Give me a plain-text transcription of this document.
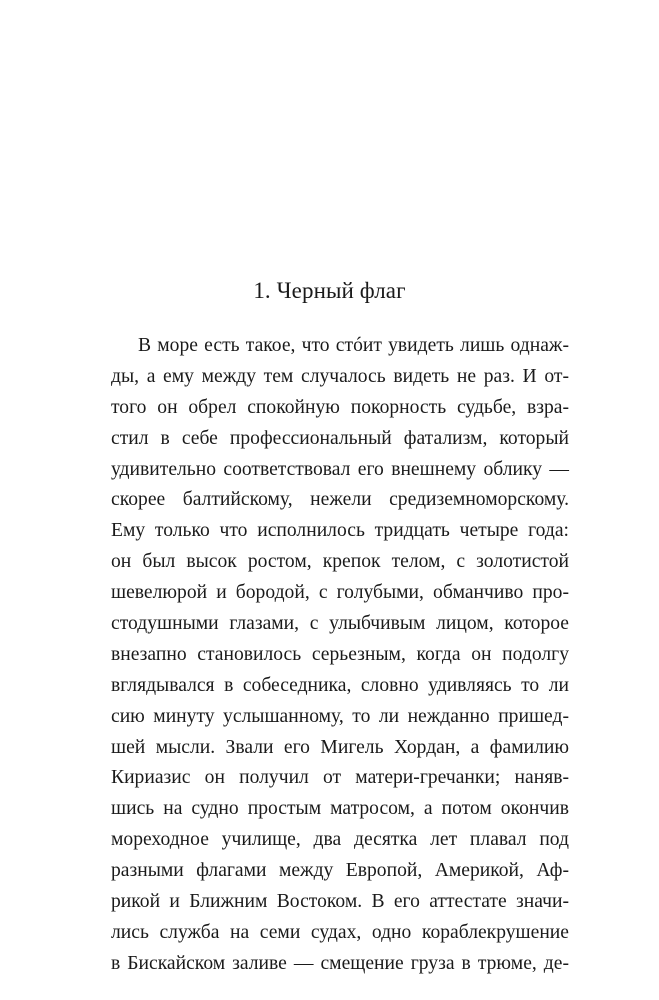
1. Черный флаг
В море есть такое, что стóит увидеть лишь однаж-
ды, а ему между тем случалось видеть не раз. И от-
того он обрел спокойную покорность судьбе, взра-
стил в себе профессиональный фатализм, который
удивительно соответствовал его внешнему облику —
скорее балтийскому, нежели средиземноморскому.
Ему только что исполнилось тридцать четыре года:
он был высок ростом, крепок телом, с золотистой
шевелюрой и бородой, с голубыми, обманчиво про-
стодушными глазами, с улыбчивым лицом, которое
внезапно становилось серьезным, когда он подолгу
вглядывался в собеседника, словно удивляясь то ли
сию минуту услышанному, то ли нежданно пришед-
шей мысли. Звали его Мигель Хордан, а фамилию
Кириазис он получил от матери-гречанки; наняв-
шись на судно простым матросом, а потом окончив
мореходное училище, два десятка лет плавал под
разными флагами между Европой, Америкой, Аф-
рикой и Ближним Востоком. В его аттестате значи-
лись служба на семи судах, одно кораблекрушение
в Бискайском заливе — смещение груза в трюме, де-
